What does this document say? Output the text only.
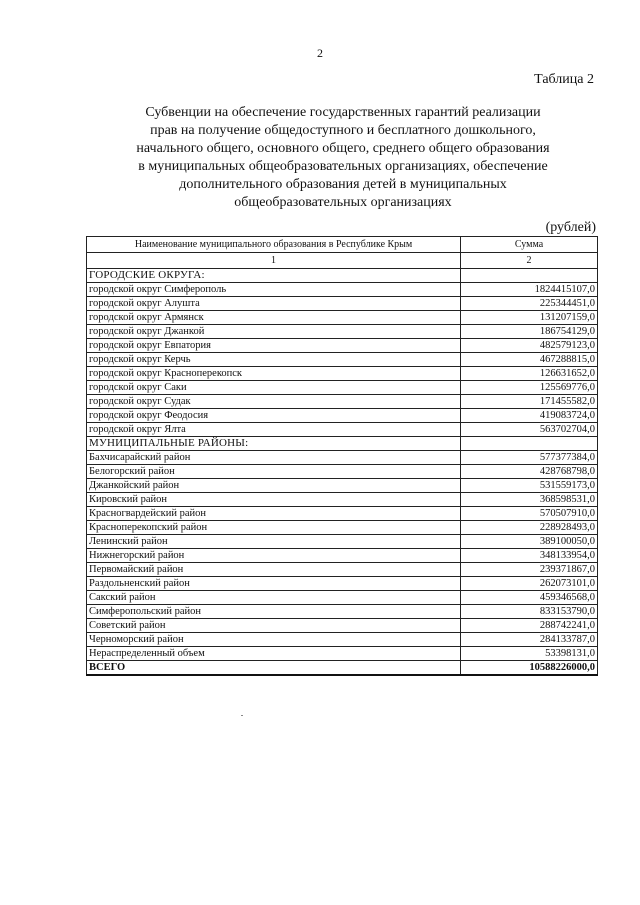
2
Таблица 2
Субвенции на обеспечение государственных гарантий реализации
прав на получение общедоступного и бесплатного дошкольного,
начального общего, основного общего, среднего общего образования
в муниципальных общеобразовательных организациях, обеспечение
дополнительного образования детей в муниципальных
общеобразовательных организациях
(рублей)
Наименование муниципального образования в Республике Крым	Сумма
1	2
ГОРОДСКИЕ ОКРУГА:	
городской округ Симферополь	1824415107,0
городской округ Алушта	225344451,0
городской округ Армянск	131207159,0
городской округ Джанкой	186754129,0
городской округ Евпатория	482579123,0
городской округ Керчь	467288815,0
городской округ Красноперекопск	126631652,0
городской округ Саки	125569776,0
городской округ Судак	171455582,0
городской округ Феодосия	419083724,0
городской округ Ялта	563702704,0
МУНИЦИПАЛЬНЫЕ РАЙОНЫ:	
Бахчисарайский район	577377384,0
Белогорский район	428768798,0
Джанкойский район	531559173,0
Кировский район	368598531,0
Красногвардейский район	570507910,0
Красноперекопский район	228928493,0
Ленинский район	389100050,0
Нижнегорский район	348133954,0
Первомайский район	239371867,0
Раздольненский район	262073101,0
Сакский район	459346568,0
Симферопольский район	833153790,0
Советский район	288742241,0
Черноморский район	284133787,0
Нераспределенный объем	53398131,0
ВСЕГО	10588226000,0
